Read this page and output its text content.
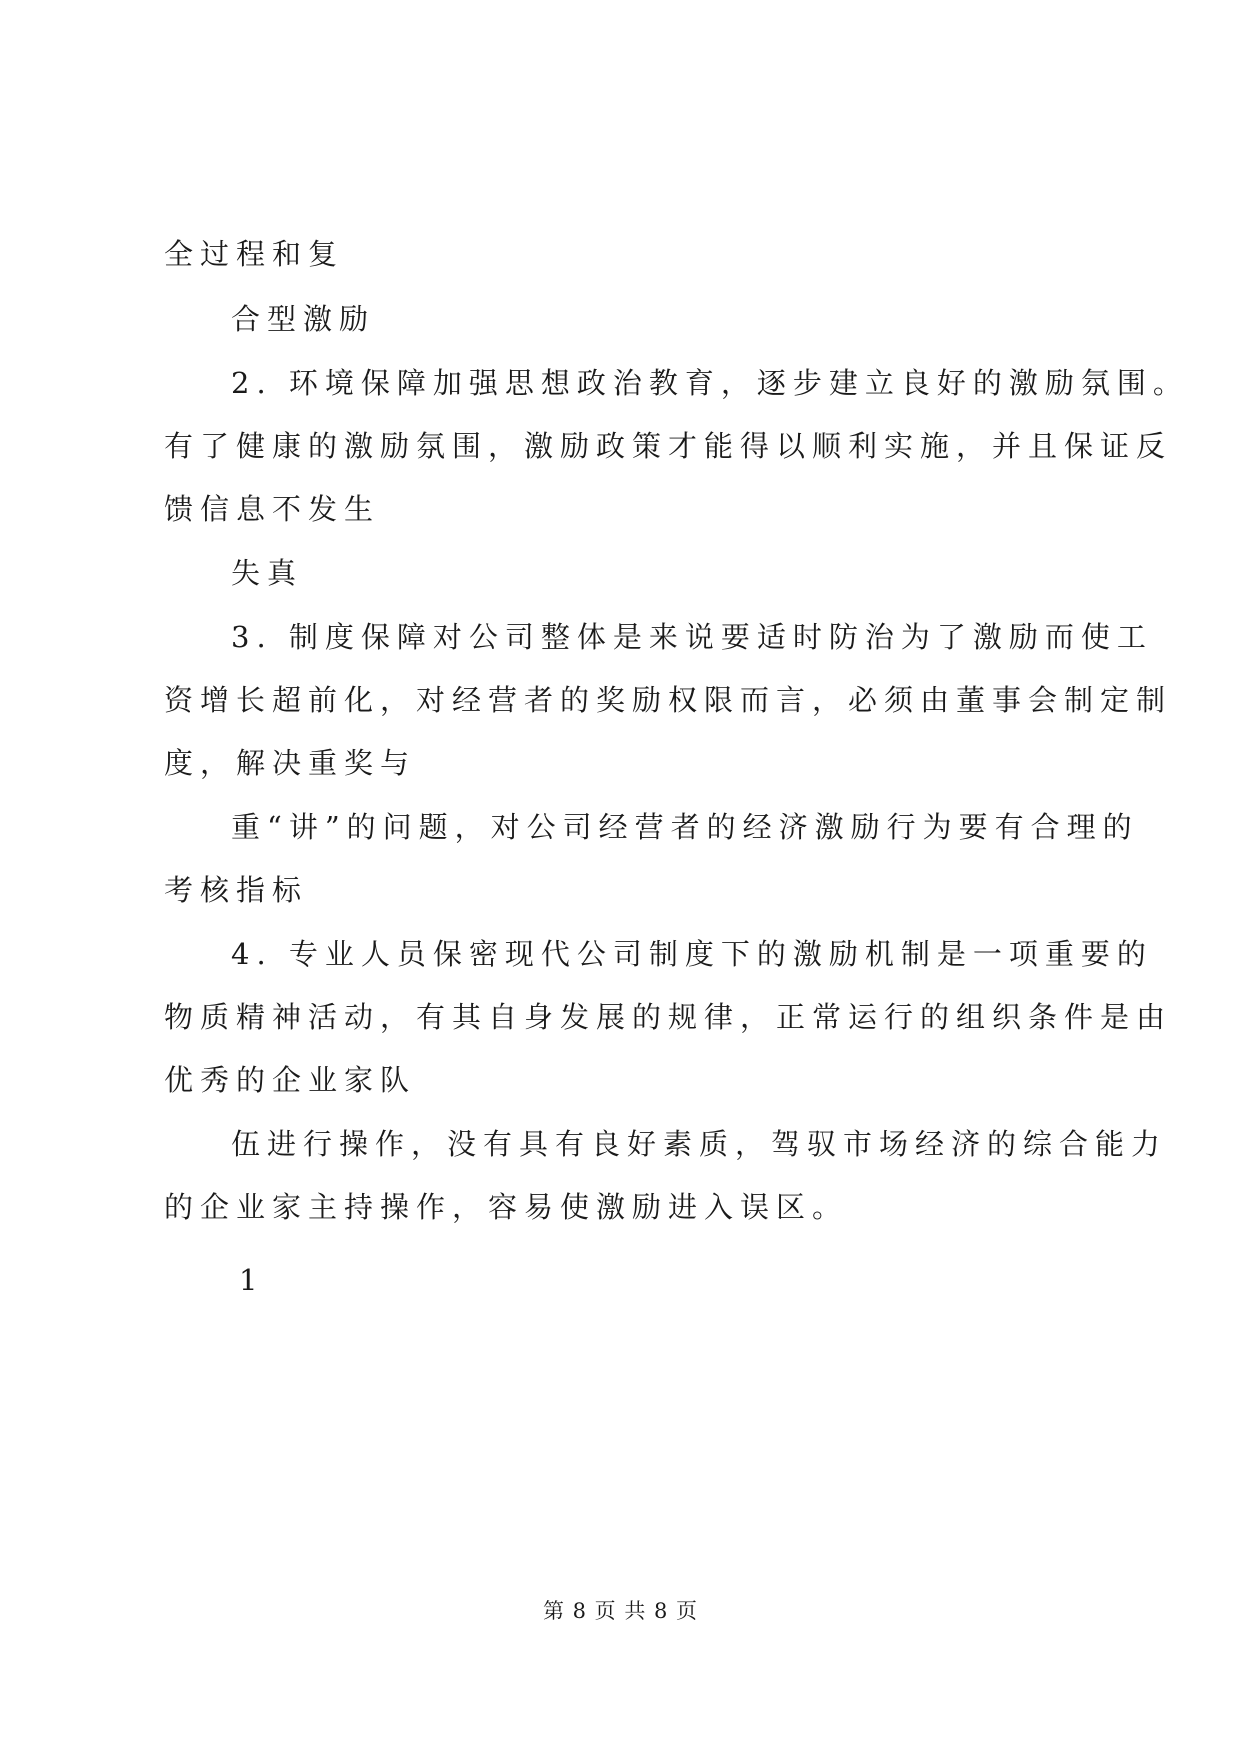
全过程和复
合型激励
2. 环境保障加强思想政治教育，逐步建立良好的激励氛围。
有了健康的激励氛围，激励政策才能得以顺利实施，并且保证反
馈信息不发生
失真
3. 制度保障对公司整体是来说要适时防治为了激励而使工
资增长超前化，对经营者的奖励权限而言，必须由董事会制定制
度，解决重奖与
重“讲”的问题，对公司经营者的经济激励行为要有合理的
考核指标
4. 专业人员保密现代公司制度下的激励机制是一项重要的
物质精神活动，有其自身发展的规律，正常运行的组织条件是由
优秀的企业家队
伍进行操作，没有具有良好素质，驾驭市场经济的综合能力
的企业家主持操作，容易使激励进入误区。
1
第 8 页 共 8 页
